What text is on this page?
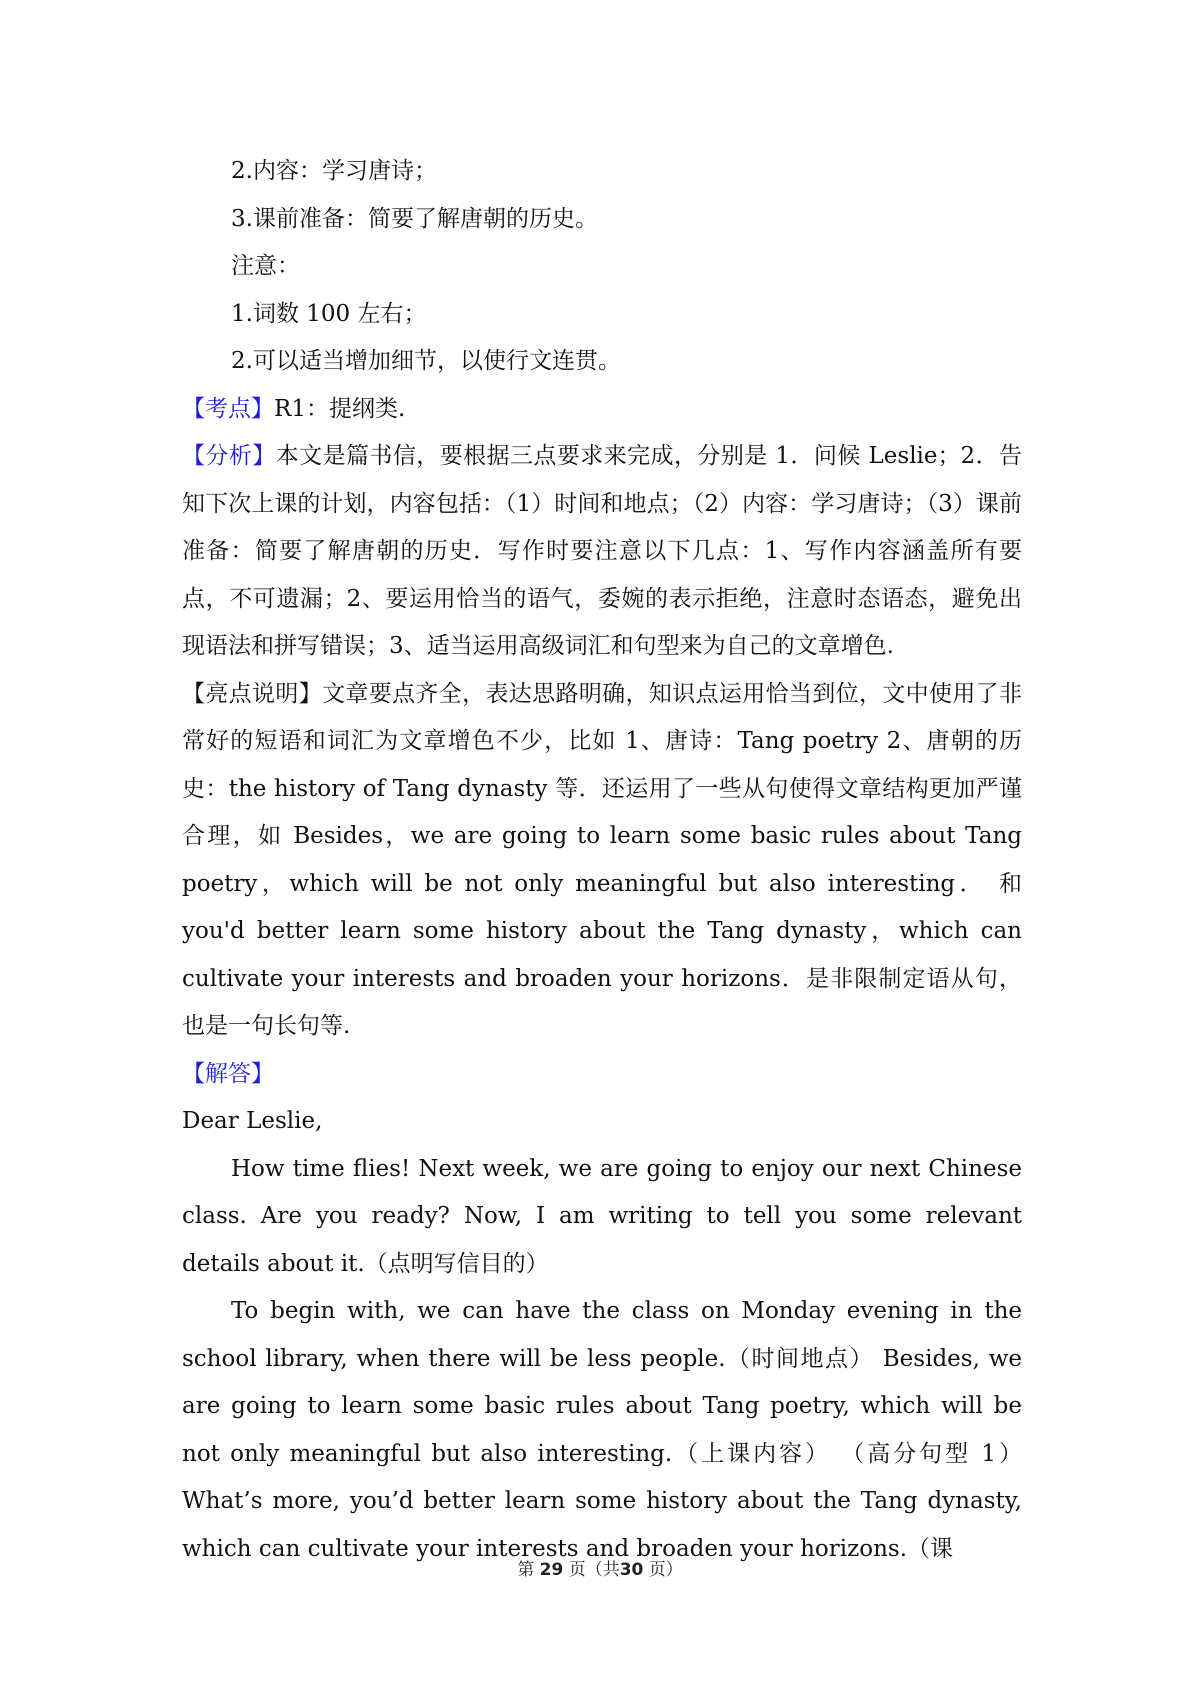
2.内容：学习唐诗；

3.课前准备：简要了解唐朝的历史。

注意：

1.词数 100 左右；

2.可以适当增加细节，以使行文连贯。

【考点】R1：提纲类.

【分析】本文是篇书信，要根据三点要求来完成，分别是 1．问候 Leslie；2．告知下次上课的计划，内容包括：（1）时间和地点；（2）内容：学习唐诗；（3）课前准备：简要了解唐朝的历史．写作时要注意以下几点：1、写作内容涵盖所有要点，不可遗漏；2、要运用恰当的语气，委婉的表示拒绝，注意时态语态，避免出现语法和拼写错误；3、适当运用高级词汇和句型来为自己的文章增色.

【亮点说明】文章要点齐全，表达思路明确，知识点运用恰当到位，文中使用了非常好的短语和词汇为文章增色不少，比如 1、唐诗：Tang poetry 2、唐朝的历史：the history of Tang dynasty 等．还运用了一些从句使得文章结构更加严谨合理，如 Besides，we are going to learn some basic rules about Tang poetry，which will be not only meaningful but also interesting． 和 you'd better learn some history about the Tang dynasty，which can cultivate your interests and broaden your horizons．是非限制定语从句，也是一句长句等.

【解答】

Dear Leslie,

How time flies! Next week, we are going to enjoy our next Chinese class. Are you ready? Now, I am writing to tell you some relevant details about it.（点明写信目的）

To begin with, we can have the class on Monday evening in the school library, when there will be less people.（时间地点） Besides, we are going to learn some basic rules about Tang poetry, which will be not only meaningful but also interesting.（上课内容） （高分句型 1）What’s more, you’d better learn some history about the Tang dynasty, which can cultivate your interests and broaden your horizons.（课

第 29 页（共30 页）
